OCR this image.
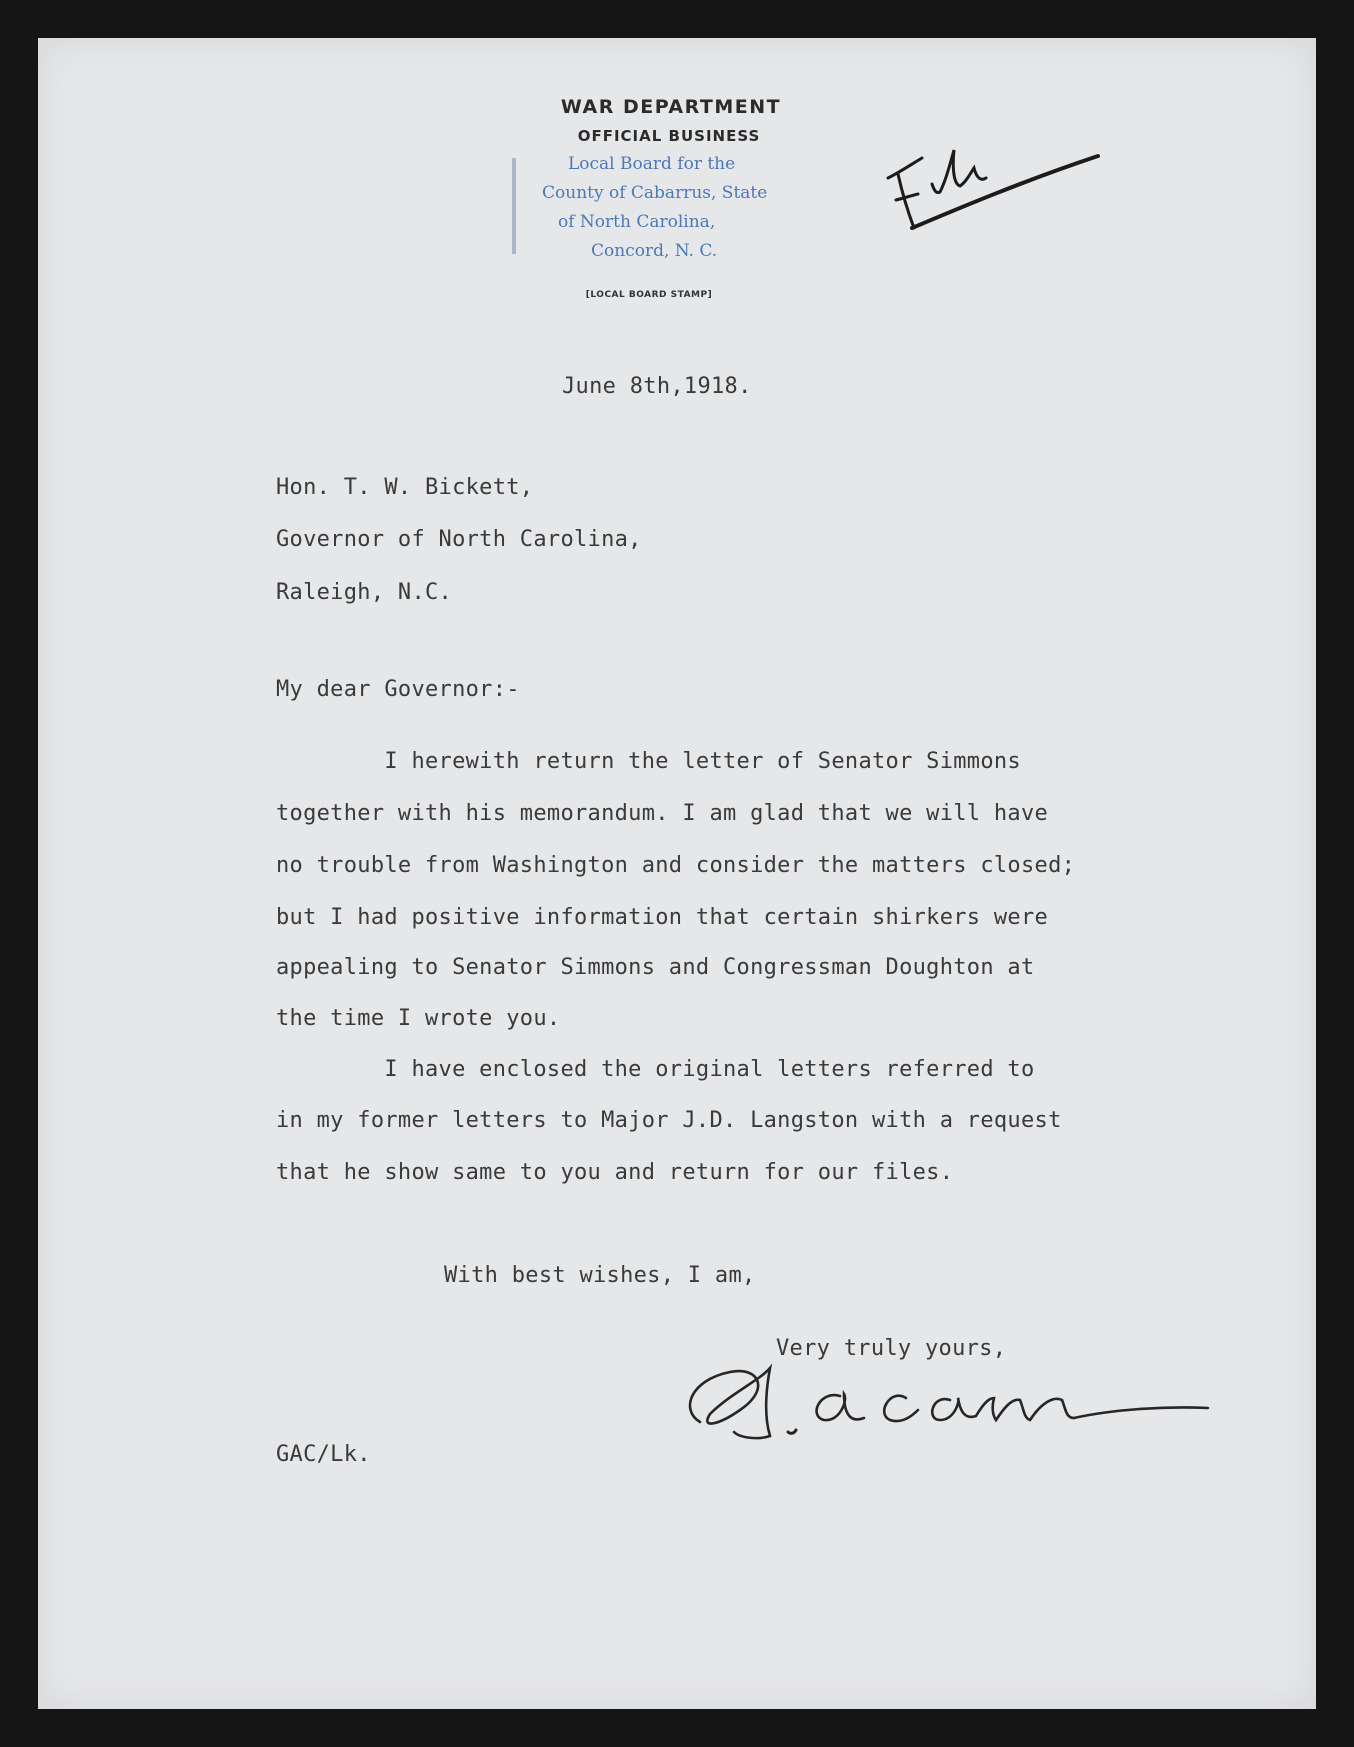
WAR DEPARTMENT
OFFICIAL BUSINESS
Local Board for the
County of Cabarrus, State
of North Carolina,
Concord, N. C.
[LOCAL BOARD STAMP]
June 8th,1918.
Hon. T. W. Bickett,
Governor of North Carolina,
Raleigh, N.C.
My dear Governor:-
I herewith return the letter of Senator Simmons
together with his memorandum. I am glad that we will have
no trouble from Washington and consider the matters closed;
but I had positive information that certain shirkers were
appealing to Senator Simmons and Congressman Doughton at
the time I wrote you.
I have enclosed the original letters referred to
in my former letters to Major J.D. Langston with a request
that he show same to you and return for our files.
With best wishes, I am,
Very truly yours,
GAC/Lk.
